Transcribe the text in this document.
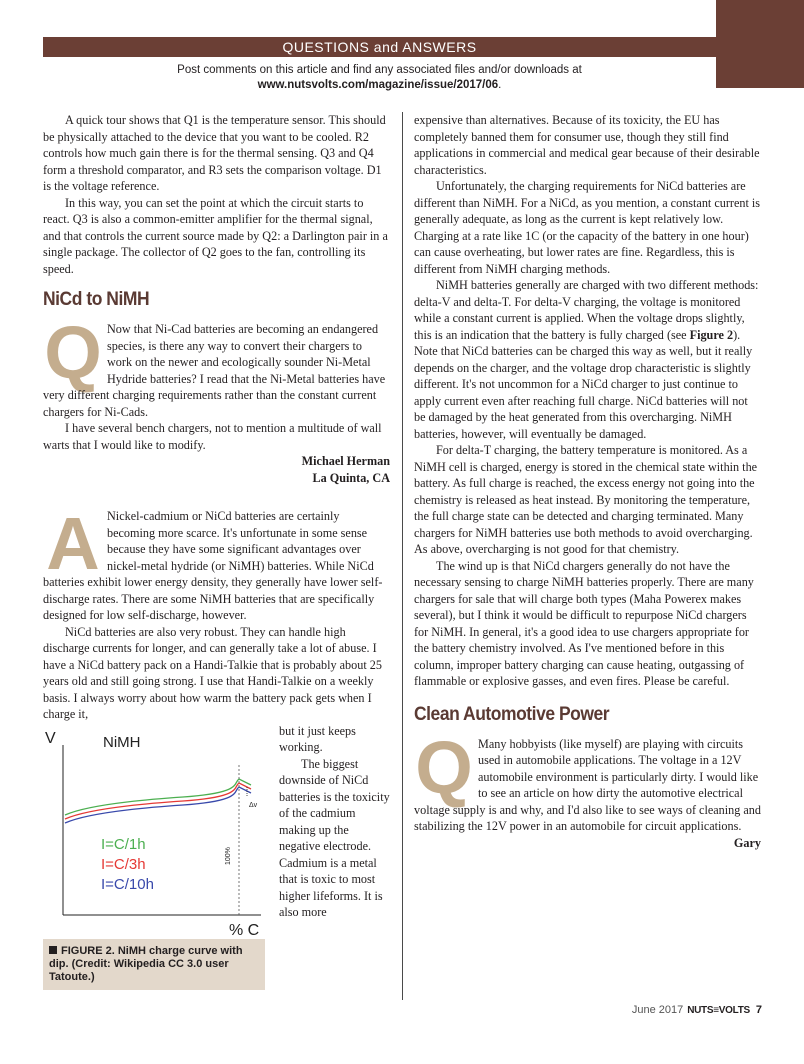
QUESTIONS and ANSWERS
Post comments on this article and find any associated files and/or downloads at
www.nutsvolts.com/magazine/issue/2017/06.

A quick tour shows that Q1 is the temperature sensor. This should be physically attached to the device that you want to be cooled. R2 controls how much gain there is for the thermal sensing. Q3 and Q4 form a threshold comparator, and R3 sets the comparison voltage. D1 is the voltage reference.

In this way, you can set the point at which the circuit starts to react. Q3 is also a common-emitter amplifier for the thermal signal, and that controls the current source made by Q2: a Darlington pair in a single package. The collector of Q2 goes to the fan, controlling its speed.

NiCd to NiMH
Q Now that Ni-Cad batteries are becoming an endangered species, is there any way to convert their chargers to work on the newer and ecologically sounder Ni-Metal Hydride batteries? I read that the Ni-Metal batteries have very different charging requirements rather than the constant current chargers for Ni-Cads.

I have several bench chargers, not to mention a multitude of wall warts that I would like to modify.

Michael Herman
La Quinta, CA
A Nickel-cadmium or NiCd batteries are certainly becoming more scarce. It's unfortunate in some sense because they have some significant advantages over nickel-metal hydride (or NiMH) batteries. While NiCd batteries exhibit lower energy density, they generally have lower self-discharge rates. There are some NiMH batteries that are specifically designed for low self-discharge, however.

NiCd batteries are also very robust. They can handle high discharge currents for longer, and can generally take a lot of abuse. I have a NiCd battery pack on a Handi-Talkie that is probably about 25 years old and still going strong. I use that Handi-Talkie on a weekly basis. I always worry about how warm the battery pack gets when I charge it,

V	NiMH
Δv
100%
I=C/1h
I=C/3h
I=C/10h
% C
FIGURE 2. NiMH charge curve with dip. (Credit: Wikipedia CC 3.0 user Tatoute.)

but it just keeps working.

The biggest downside of NiCd batteries is the toxicity of the cadmium making up the negative electrode. Cadmium is a metal that is toxic to most higher lifeforms. It is also more

expensive than alternatives. Because of its toxicity, the EU has completely banned them for consumer use, though they still find applications in commercial and medical gear because of their desirable characteristics.

Unfortunately, the charging requirements for NiCd batteries are different than NiMH. For a NiCd, as you mention, a constant current is generally adequate, as long as the current is kept relatively low. Charging at a rate like 1C (or the capacity of the battery in one hour) can cause overheating, but lower rates are fine. Regardless, this is different from NiMH charging methods.

NiMH batteries generally are charged with two different methods: delta-V and delta-T. For delta-V charging, the voltage is monitored while a constant current is applied. When the voltage drops slightly, this is an indication that the battery is fully charged (see Figure 2). Note that NiCd batteries can be charged this way as well, but it really depends on the charger, and the voltage drop characteristic is slightly different. It's not uncommon for a NiCd charger to just continue to apply current even after reaching full charge. NiCd batteries will not be damaged by the heat generated from this overcharging. NiMH batteries, however, will eventually be damaged.

For delta-T charging, the battery temperature is monitored. As a NiMH cell is charged, energy is stored in the chemical state within the battery. As full charge is reached, the excess energy not going into the chemistry is released as heat instead. By monitoring the temperature, the full charge state can be detected and charging terminated. Many chargers for NiMH batteries use both methods to avoid overcharging. As above, overcharging is not good for that chemistry.

The wind up is that NiCd chargers generally do not have the necessary sensing to charge NiMH batteries properly. There are many chargers for sale that will charge both types (Maha Powerex makes several), but I think it would be difficult to repurpose NiCd chargers for NiMH. In general, it's a good idea to use chargers appropriate for the battery chemistry involved. As I've mentioned before in this column, improper battery charging can cause heating, outgassing of flammable or explosive gasses, and even fires. Please be careful.

Clean Automotive Power
Q Many hobbyists (like myself) are playing with circuits used in automobile applications. The voltage in a 12V automobile environment is particularly dirty. I would like to see an article on how dirty the automotive electrical voltage supply is and why, and I'd also like to see ways of cleaning and stabilizing the 12V power in an automobile for circuit applications.

Gary
June 2017 NUTS≡VOLTS 7
